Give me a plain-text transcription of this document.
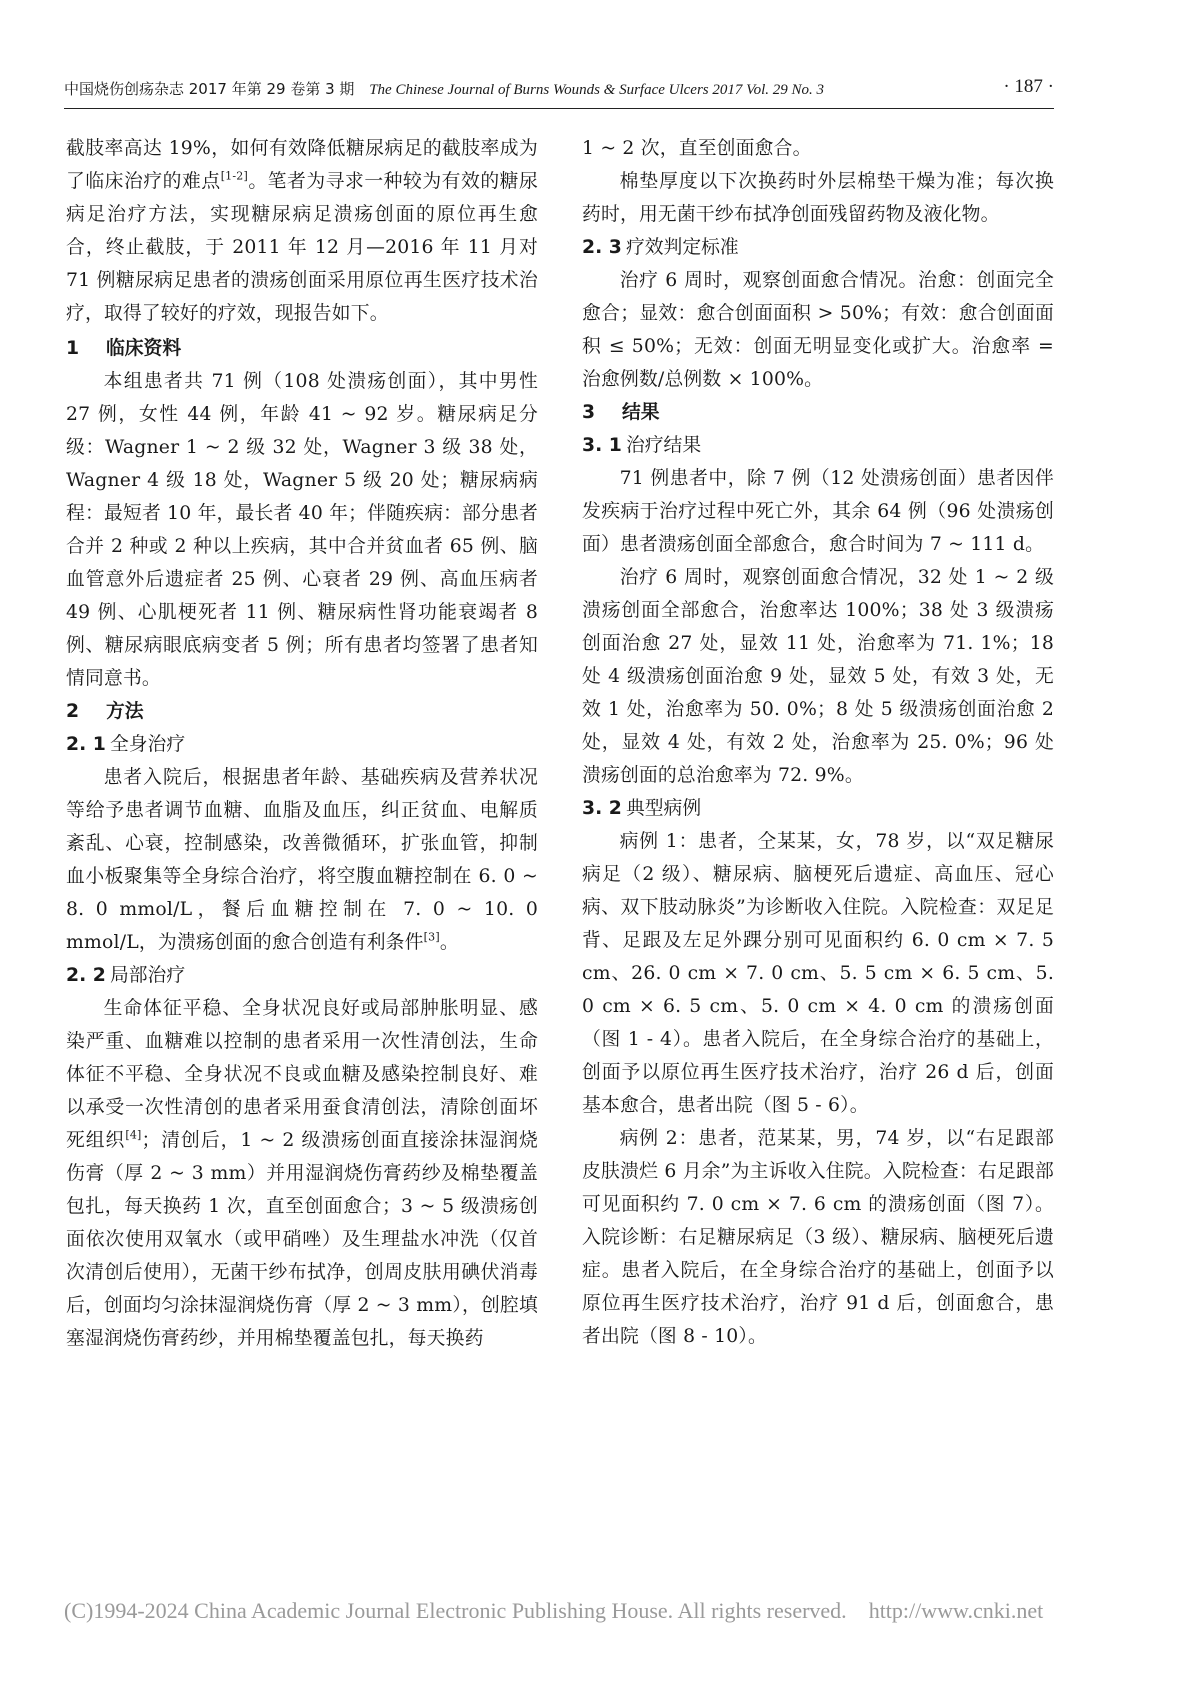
中国烧伤创疡杂志 2017 年第 29 卷第 3 期 The Chinese Journal of Burns Wounds & Surface Ulcers 2017 Vol. 29 No. 3	· 187 ·

截肢率高达 19%，如何有效降低糖尿病足的截肢率成为了临床治疗的难点[1-2]。笔者为寻求一种较为有效的糖尿病足治疗方法，实现糖尿病足溃疡创面的原位再生愈合，终止截肢，于 2011 年 12 月—2016 年 11 月对 71 例糖尿病足患者的溃疡创面采用原位再生医疗技术治疗，取得了较好的疗效，现报告如下。

1 临床资料

本组患者共 71 例（108 处溃疡创面），其中男性 27 例，女性 44 例，年龄 41 ~ 92 岁。糖尿病足分级：Wagner 1 ~ 2 级 32 处，Wagner 3 级 38 处，Wagner 4 级 18 处，Wagner 5 级 20 处；糖尿病病程：最短者 10 年，最长者 40 年；伴随疾病：部分患者合并 2 种或 2 种以上疾病，其中合并贫血者 65 例、脑血管意外后遗症者 25 例、心衰者 29 例、高血压病者 49 例、心肌梗死者 11 例、糖尿病性肾功能衰竭者 8 例、糖尿病眼底病变者 5 例；所有患者均签署了患者知情同意书。

2 方法

2. 1 全身治疗

患者入院后，根据患者年龄、基础疾病及营养状况等给予患者调节血糖、血脂及血压，纠正贫血、电解质紊乱、心衰，控制感染，改善微循环，扩张血管，抑制血小板聚集等全身综合治疗，将空腹血糖控制在 6. 0 ~ 8. 0 mmol/L，餐后血糖控制在 7. 0 ~ 10. 0 mmol/L，为溃疡创面的愈合创造有利条件[3]。

2. 2 局部治疗

生命体征平稳、全身状况良好或局部肿胀明显、感染严重、血糖难以控制的患者采用一次性清创法，生命体征不平稳、全身状况不良或血糖及感染控制良好、难以承受一次性清创的患者采用蚕食清创法，清除创面坏死组织[4]；清创后，1 ~ 2 级溃疡创面直接涂抹湿润烧伤膏（厚 2 ~ 3 mm）并用湿润烧伤膏药纱及棉垫覆盖包扎，每天换药 1 次，直至创面愈合；3 ~ 5 级溃疡创面依次使用双氧水（或甲硝唑）及生理盐水冲洗（仅首次清创后使用），无菌干纱布拭净，创周皮肤用碘伏消毒后，创面均匀涂抹湿润烧伤膏（厚 2 ~ 3 mm），创腔填塞湿润烧伤膏药纱，并用棉垫覆盖包扎，每天换药

1 ~ 2 次，直至创面愈合。

棉垫厚度以下次换药时外层棉垫干燥为准；每次换药时，用无菌干纱布拭净创面残留药物及液化物。

2. 3 疗效判定标准

治疗 6 周时，观察创面愈合情况。治愈：创面完全愈合；显效：愈合创面面积 > 50%；有效：愈合创面面积 ≤ 50%；无效：创面无明显变化或扩大。治愈率 = 治愈例数/总例数 × 100%。

3 结果

3. 1 治疗结果

71 例患者中，除 7 例（12 处溃疡创面）患者因伴发疾病于治疗过程中死亡外，其余 64 例（96 处溃疡创面）患者溃疡创面全部愈合，愈合时间为 7 ~ 111 d。

治疗 6 周时，观察创面愈合情况，32 处 1 ~ 2 级溃疡创面全部愈合，治愈率达 100%；38 处 3 级溃疡创面治愈 27 处，显效 11 处，治愈率为 71. 1%；18 处 4 级溃疡创面治愈 9 处，显效 5 处，有效 3 处，无效 1 处，治愈率为 50. 0%；8 处 5 级溃疡创面治愈 2 处，显效 4 处，有效 2 处，治愈率为 25. 0%；96 处溃疡创面的总治愈率为 72. 9%。

3. 2 典型病例

病例 1：患者，仝某某，女，78 岁，以“双足糖尿病足（2 级）、糖尿病、脑梗死后遗症、高血压、冠心病、双下肢动脉炎”为诊断收入住院。入院检查：双足足背、足跟及左足外踝分别可见面积约 6. 0 cm × 7. 5 cm、26. 0 cm × 7. 0 cm、5. 5 cm × 6. 5 cm、5. 0 cm × 6. 5 cm、5. 0 cm × 4. 0 cm 的溃疡创面（图 1 - 4）。患者入院后，在全身综合治疗的基础上，创面予以原位再生医疗技术治疗，治疗 26 d 后，创面基本愈合，患者出院（图 5 - 6）。

病例 2：患者，范某某，男，74 岁，以“右足跟部皮肤溃烂 6 月余”为主诉收入住院。入院检查：右足跟部可见面积约 7. 0 cm × 7. 6 cm 的溃疡创面（图 7）。入院诊断：右足糖尿病足（3 级）、糖尿病、脑梗死后遗症。患者入院后，在全身综合治疗的基础上，创面予以原位再生医疗技术治疗，治疗 91 d 后，创面愈合，患者出院（图 8 - 10）。

(C)1994-2024 China Academic Journal Electronic Publishing House. All rights reserved. http://www.cnki.net
